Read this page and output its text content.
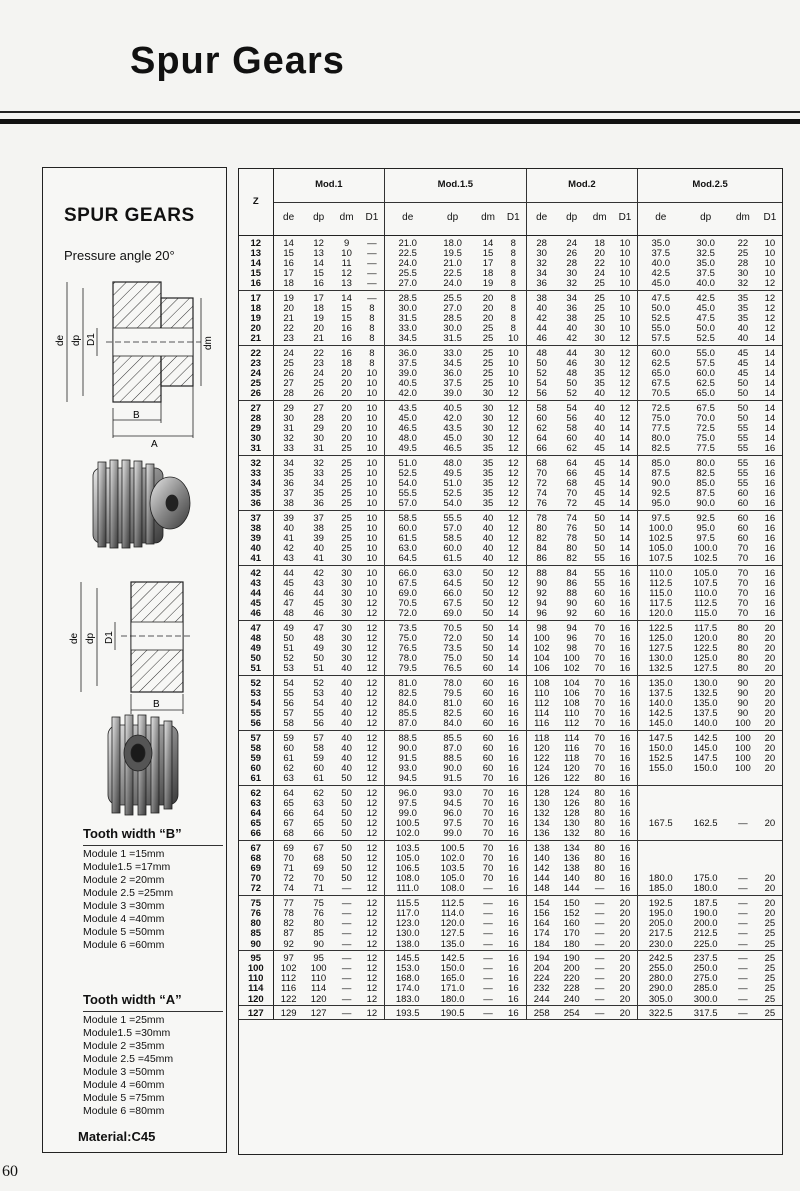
Spur Gears
SPUR GEARS
Pressure angle 20°
de dp D1	dm
B
A
de dp D1
B
Tooth width “B”
Module 1 =15mm
Module1.5 =17mm
Module 2 =20mm
Module 2.5 =25mm
Module 3 =30mm
Module 4 =40mm
Module 5 =50mm
Module 6 =60mm
Tooth width “A”
Module 1 =25mm
Module1.5 =30mm
Module 2 =35mm
Module 2.5 =45mm
Module 3 =50mm
Module 4 =60mm
Module 5 =75mm
Module 6 =80mm
Material:C45
Z	Mod.1				Mod.1.5				Mod.2				Mod.2.5			
	de	dp	dm	D1	de	dp	dm	D1	de	dp	dm	D1	de	dp	dm	D1
12	14	12	9	—	21.0	18.0	14	8	28	24	18	10	35.0	30.0	22	10
13	15	13	10	—	22.5	19.5	15	8	30	26	20	10	37.5	32.5	25	10
14	16	14	11	—	24.0	21.0	17	8	32	28	22	10	40.0	35.0	28	10
15	17	15	12	—	25.5	22.5	18	8	34	30	24	10	42.5	37.5	30	10
16	18	16	13	—	27.0	24.0	19	8	36	32	25	10	45.0	40.0	32	12
17	19	17	14	—	28.5	25.5	20	8	38	34	25	10	47.5	42.5	35	12
18	20	18	15	8	30.0	27.0	20	8	40	36	25	10	50.0	45.0	35	12
19	21	19	15	8	31.5	28.5	20	8	42	38	25	10	52.5	47.5	35	12
20	22	20	16	8	33.0	30.0	25	8	44	40	30	10	55.0	50.0	40	12
21	23	21	16	8	34.5	31.5	25	10	46	42	30	12	57.5	52.5	40	14
22	24	22	16	8	36.0	33.0	25	10	48	44	30	12	60.0	55.0	45	14
23	25	23	18	8	37.5	34.5	25	10	50	46	30	12	62.5	57.5	45	14
24	26	24	20	10	39.0	36.0	25	10	52	48	35	12	65.0	60.0	45	14
25	27	25	20	10	40.5	37.5	25	10	54	50	35	12	67.5	62.5	50	14
26	28	26	20	10	42.0	39.0	30	12	56	52	40	12	70.5	65.0	50	14
27	29	27	20	10	43.5	40.5	30	12	58	54	40	12	72.5	67.5	50	14
28	30	28	20	10	45.0	42.0	30	12	60	56	40	12	75.0	70.0	50	14
29	31	29	20	10	46.5	43.5	30	12	62	58	40	14	77.5	72.5	55	14
30	32	30	20	10	48.0	45.0	30	12	64	60	40	14	80.0	75.0	55	14
31	33	31	25	10	49.5	46.5	35	12	66	62	45	14	82.5	77.5	55	16
32	34	32	25	10	51.0	48.0	35	12	68	64	45	14	85.0	80.0	55	16
33	35	33	25	10	52.5	49.5	35	12	70	66	45	14	87.5	82.5	55	16
34	36	34	25	10	54.0	51.0	35	12	72	68	45	14	90.0	85.0	55	16
35	37	35	25	10	55.5	52.5	35	12	74	70	45	14	92.5	87.5	60	16
36	38	36	25	10	57.0	54.0	35	12	76	72	45	14	95.0	90.0	60	16
37	39	37	25	10	58.5	55.5	40	12	78	74	50	14	97.5	92.5	60	16
38	40	38	25	10	60.0	57.0	40	12	80	76	50	14	100.0	95.0	60	16
39	41	39	25	10	61.5	58.5	40	12	82	78	50	14	102.5	97.5	60	16
40	42	40	25	10	63.0	60.0	40	12	84	80	50	14	105.0	100.0	70	16
41	43	41	30	10	64.5	61.5	40	12	86	82	55	16	107.5	102.5	70	16
42	44	42	30	10	66.0	63.0	50	12	88	84	55	16	110.0	105.0	70	16
43	45	43	30	10	67.5	64.5	50	12	90	86	55	16	112.5	107.5	70	16
44	46	44	30	10	69.0	66.0	50	12	92	88	60	16	115.0	110.0	70	16
45	47	45	30	12	70.5	67.5	50	12	94	90	60	16	117.5	112.5	70	16
46	48	46	30	12	72.0	69.0	50	14	96	92	60	16	120.0	115.0	70	16
47	49	47	30	12	73.5	70.5	50	14	98	94	70	16	122.5	117.5	80	20
48	50	48	30	12	75.0	72.0	50	14	100	96	70	16	125.0	120.0	80	20
49	51	49	30	12	76.5	73.5	50	14	102	98	70	16	127.5	122.5	80	20
50	52	50	30	12	78.0	75.0	50	14	104	100	70	16	130.0	125.0	80	20
51	53	51	40	12	79.5	76.5	60	14	106	102	70	16	132.5	127.5	80	20
52	54	52	40	12	81.0	78.0	60	16	108	104	70	16	135.0	130.0	90	20
53	55	53	40	12	82.5	79.5	60	16	110	106	70	16	137.5	132.5	90	20
54	56	54	40	12	84.0	81.0	60	16	112	108	70	16	140.0	135.0	90	20
55	57	55	40	12	85.5	82.5	60	16	114	110	70	16	142.5	137.5	90	20
56	58	56	40	12	87.0	84.0	60	16	116	112	70	16	145.0	140.0	100	20
57	59	57	40	12	88.5	85.5	60	16	118	114	70	16	147.5	142.5	100	20
58	60	58	40	12	90.0	87.0	60	16	120	116	70	16	150.0	145.0	100	20
59	61	59	40	12	91.5	88.5	60	16	122	118	70	16	152.5	147.5	100	20
60	62	60	40	12	93.0	90.0	60	16	124	120	70	16	155.0	150.0	100	20
61	63	61	50	12	94.5	91.5	70	16	126	122	80	16				
62	64	62	50	12	96.0	93.0	70	16	128	124	80	16				
63	65	63	50	12	97.5	94.5	70	16	130	126	80	16				
64	66	64	50	12	99.0	96.0	70	16	132	128	80	16				
65	67	65	50	12	100.5	97.5	70	16	134	130	80	16	167.5	162.5	—	20
66	68	66	50	12	102.0	99.0	70	16	136	132	80	16				
67	69	67	50	12	103.5	100.5	70	16	138	134	80	16				
68	70	68	50	12	105.0	102.0	70	16	140	136	80	16				
69	71	69	50	12	106.5	103.5	70	16	142	138	80	16				
70	72	70	50	12	108.0	105.0	70	16	144	140	80	16	180.0	175.0	—	20
72	74	71	—	12	111.0	108.0	—	16	148	144	—	16	185.0	180.0	—	20
75	77	75	—	12	115.5	112.5	—	16	154	150	—	20	192.5	187.5	—	20
76	78	76	—	12	117.0	114.0	—	16	156	152	—	20	195.0	190.0	—	20
80	82	80	—	12	123.0	120.0	—	16	164	160	—	20	205.0	200.0	—	25
85	87	85	—	12	130.0	127.5	—	16	174	170	—	20	217.5	212.5	—	25
90	92	90	—	12	138.0	135.0	—	16	184	180	—	20	230.0	225.0	—	25
95	97	95	—	12	145.5	142.5	—	16	194	190	—	20	242.5	237.5	—	25
100	102	100	—	12	153.0	150.0	—	16	204	200	—	20	255.0	250.0	—	25
110	112	110	—	12	168.0	165.0	—	16	224	220	—	20	280.0	275.0	—	25
114	116	114	—	12	174.0	171.0	—	16	232	228	—	20	290.0	285.0	—	25
120	122	120	—	12	183.0	180.0	—	16	244	240	—	20	305.0	300.0	—	25
127	129	127	—	12	193.5	190.5	—	16	258	254	—	20	322.5	317.5	—	25
60
